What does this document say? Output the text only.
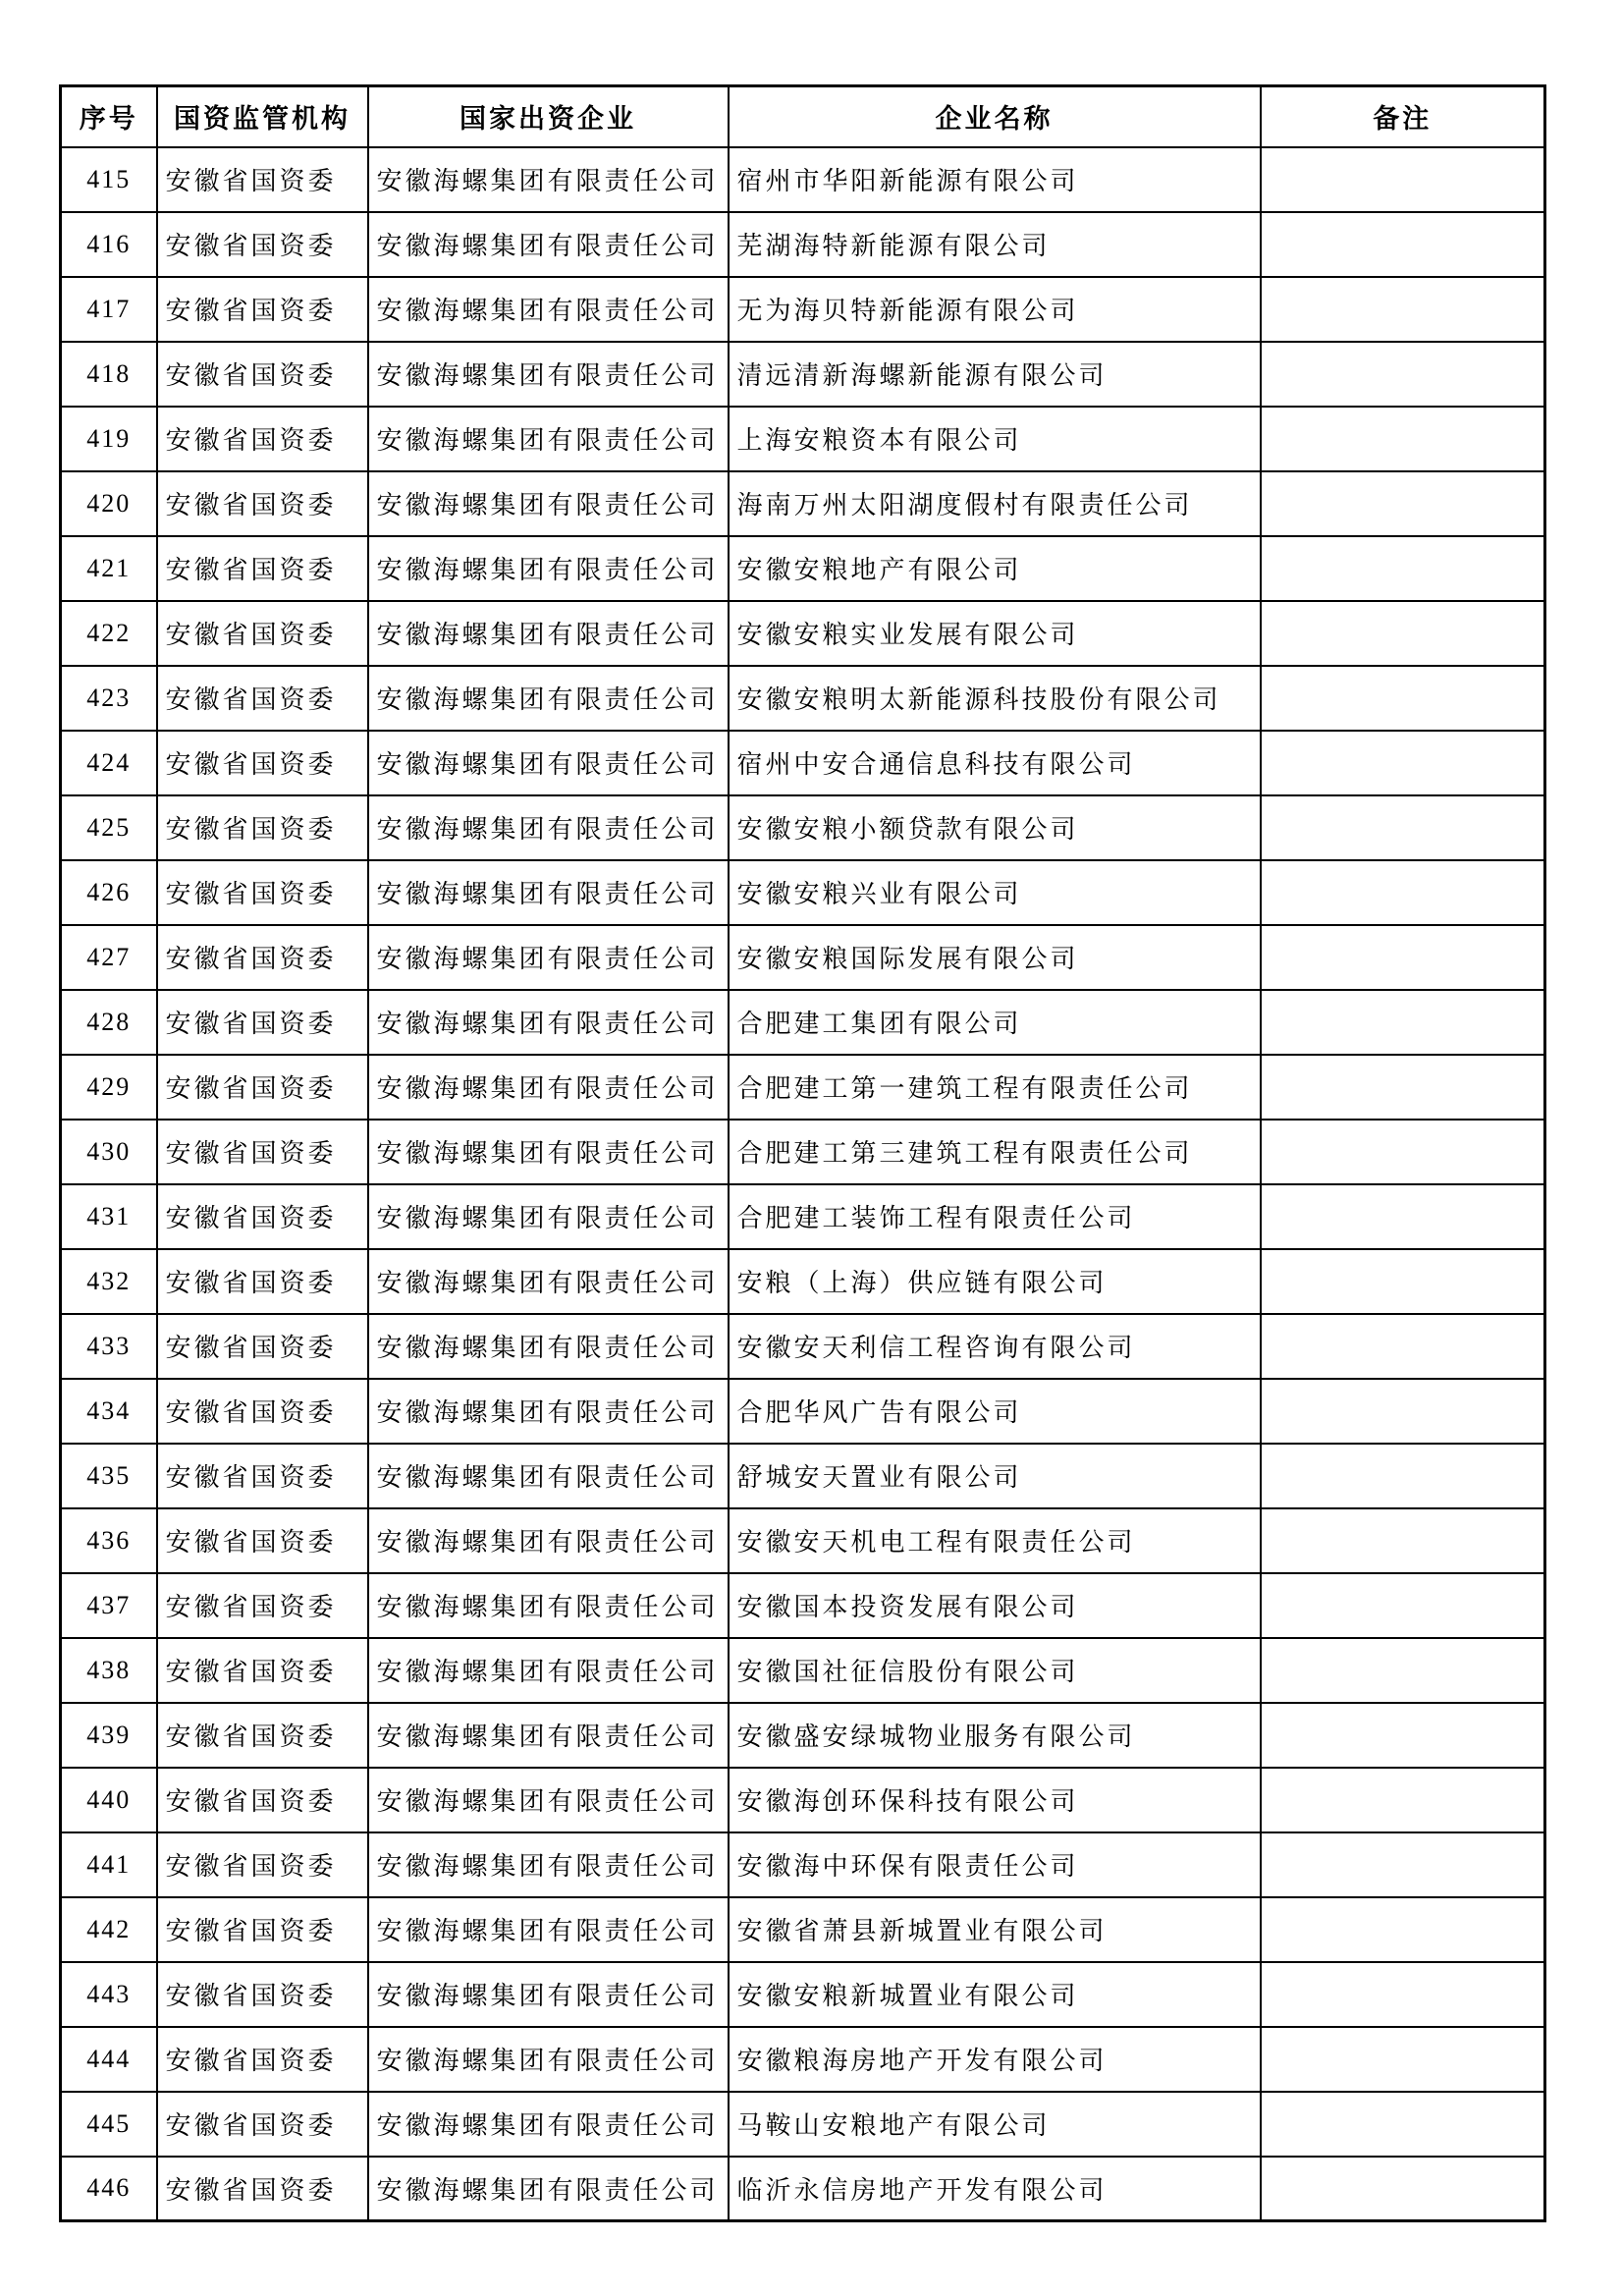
序号	国资监管机构	国家出资企业	企业名称	备注
415	安徽省国资委	安徽海螺集团有限责任公司	宿州市华阳新能源有限公司	
416	安徽省国资委	安徽海螺集团有限责任公司	芜湖海特新能源有限公司	
417	安徽省国资委	安徽海螺集团有限责任公司	无为海贝特新能源有限公司	
418	安徽省国资委	安徽海螺集团有限责任公司	清远清新海螺新能源有限公司	
419	安徽省国资委	安徽海螺集团有限责任公司	上海安粮资本有限公司	
420	安徽省国资委	安徽海螺集团有限责任公司	海南万州太阳湖度假村有限责任公司	
421	安徽省国资委	安徽海螺集团有限责任公司	安徽安粮地产有限公司	
422	安徽省国资委	安徽海螺集团有限责任公司	安徽安粮实业发展有限公司	
423	安徽省国资委	安徽海螺集团有限责任公司	安徽安粮明太新能源科技股份有限公司	
424	安徽省国资委	安徽海螺集团有限责任公司	宿州中安合通信息科技有限公司	
425	安徽省国资委	安徽海螺集团有限责任公司	安徽安粮小额贷款有限公司	
426	安徽省国资委	安徽海螺集团有限责任公司	安徽安粮兴业有限公司	
427	安徽省国资委	安徽海螺集团有限责任公司	安徽安粮国际发展有限公司	
428	安徽省国资委	安徽海螺集团有限责任公司	合肥建工集团有限公司	
429	安徽省国资委	安徽海螺集团有限责任公司	合肥建工第一建筑工程有限责任公司	
430	安徽省国资委	安徽海螺集团有限责任公司	合肥建工第三建筑工程有限责任公司	
431	安徽省国资委	安徽海螺集团有限责任公司	合肥建工装饰工程有限责任公司	
432	安徽省国资委	安徽海螺集团有限责任公司	安粮（上海）供应链有限公司	
433	安徽省国资委	安徽海螺集团有限责任公司	安徽安天利信工程咨询有限公司	
434	安徽省国资委	安徽海螺集团有限责任公司	合肥华风广告有限公司	
435	安徽省国资委	安徽海螺集团有限责任公司	舒城安天置业有限公司	
436	安徽省国资委	安徽海螺集团有限责任公司	安徽安天机电工程有限责任公司	
437	安徽省国资委	安徽海螺集团有限责任公司	安徽国本投资发展有限公司	
438	安徽省国资委	安徽海螺集团有限责任公司	安徽国社征信股份有限公司	
439	安徽省国资委	安徽海螺集团有限责任公司	安徽盛安绿城物业服务有限公司	
440	安徽省国资委	安徽海螺集团有限责任公司	安徽海创环保科技有限公司	
441	安徽省国资委	安徽海螺集团有限责任公司	安徽海中环保有限责任公司	
442	安徽省国资委	安徽海螺集团有限责任公司	安徽省萧县新城置业有限公司	
443	安徽省国资委	安徽海螺集团有限责任公司	安徽安粮新城置业有限公司	
444	安徽省国资委	安徽海螺集团有限责任公司	安徽粮海房地产开发有限公司	
445	安徽省国资委	安徽海螺集团有限责任公司	马鞍山安粮地产有限公司	
446	安徽省国资委	安徽海螺集团有限责任公司	临沂永信房地产开发有限公司	
